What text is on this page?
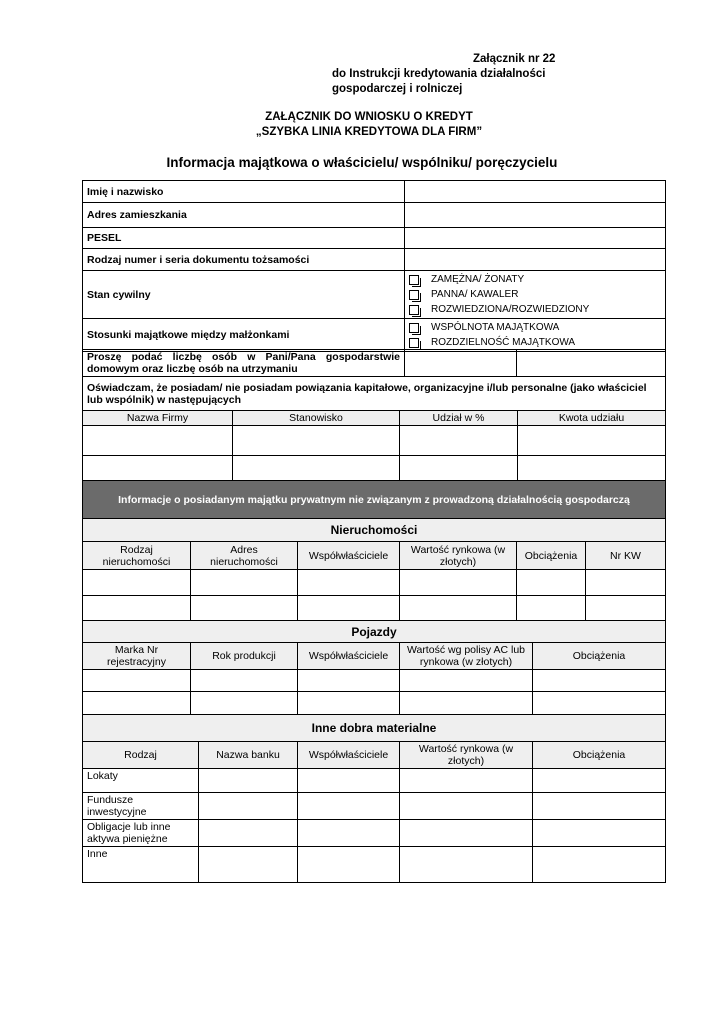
Załącznik nr 22
do Instrukcji kredytowania działalności
gospodarczej i rolniczej
ZAŁĄCZNIK DO WNIOSKU O KREDYT
„SZYBKA LINIA KREDYTOWA DLA FIRM”
Informacja majątkowa o właścicielu/ wspólniku/ poręczycielu
Imię i nazwisko	
Adres zamieszkania	
PESEL	
Rodzaj numer i seria dokumentu tożsamości	
Stan cywilny	ZAMĘŻNA/ ŻONATY
PANNA/ KAWALER
ROZWIEDZIONA/ROZWIEDZIONY

Stosunki majątkowe między małżonkami	WSPÓLNOTA MAJĄTKOWA
ROZDZIELNOŚĆ MAJĄTKOWA
Proszę podać liczbę osób w Pani/Pana gospodarstwie domowym oraz liczbę osób na utrzymaniu		
Oświadczam, że posiadam/ nie posiadam powiązania kapitałowe, organizacyjne i/lub personalne (jako właściciel lub wspólnik) w następujących			
Nazwa Firmy	Stanowisko	Udział w %	Kwota udziału

Informacje o posiadanym majątku prywatnym nie związanym z prowadzoną działalnością gospodarczą
Nieruchomości					
Rodzaj nieruchomości	Adres nieruchomości	Współwłaściciele	Wartość rynkowa (w złotych)	Obciążenia	Nr KW

Pojazdy				
Marka Nr rejestracyjny	Rok produkcji	Współwłaściciele	Wartość wg polisy AC lub rynkowa (w złotych)	Obciążenia

Inne dobra materialne				
Rodzaj	Nazwa banku	Współwłaściciele	Wartość rynkowa (w złotych)	Obciążenia
Lokaty				
Fundusze inwestycyjne				
Obligacje lub inne aktywa pieniężne				
Inne				
